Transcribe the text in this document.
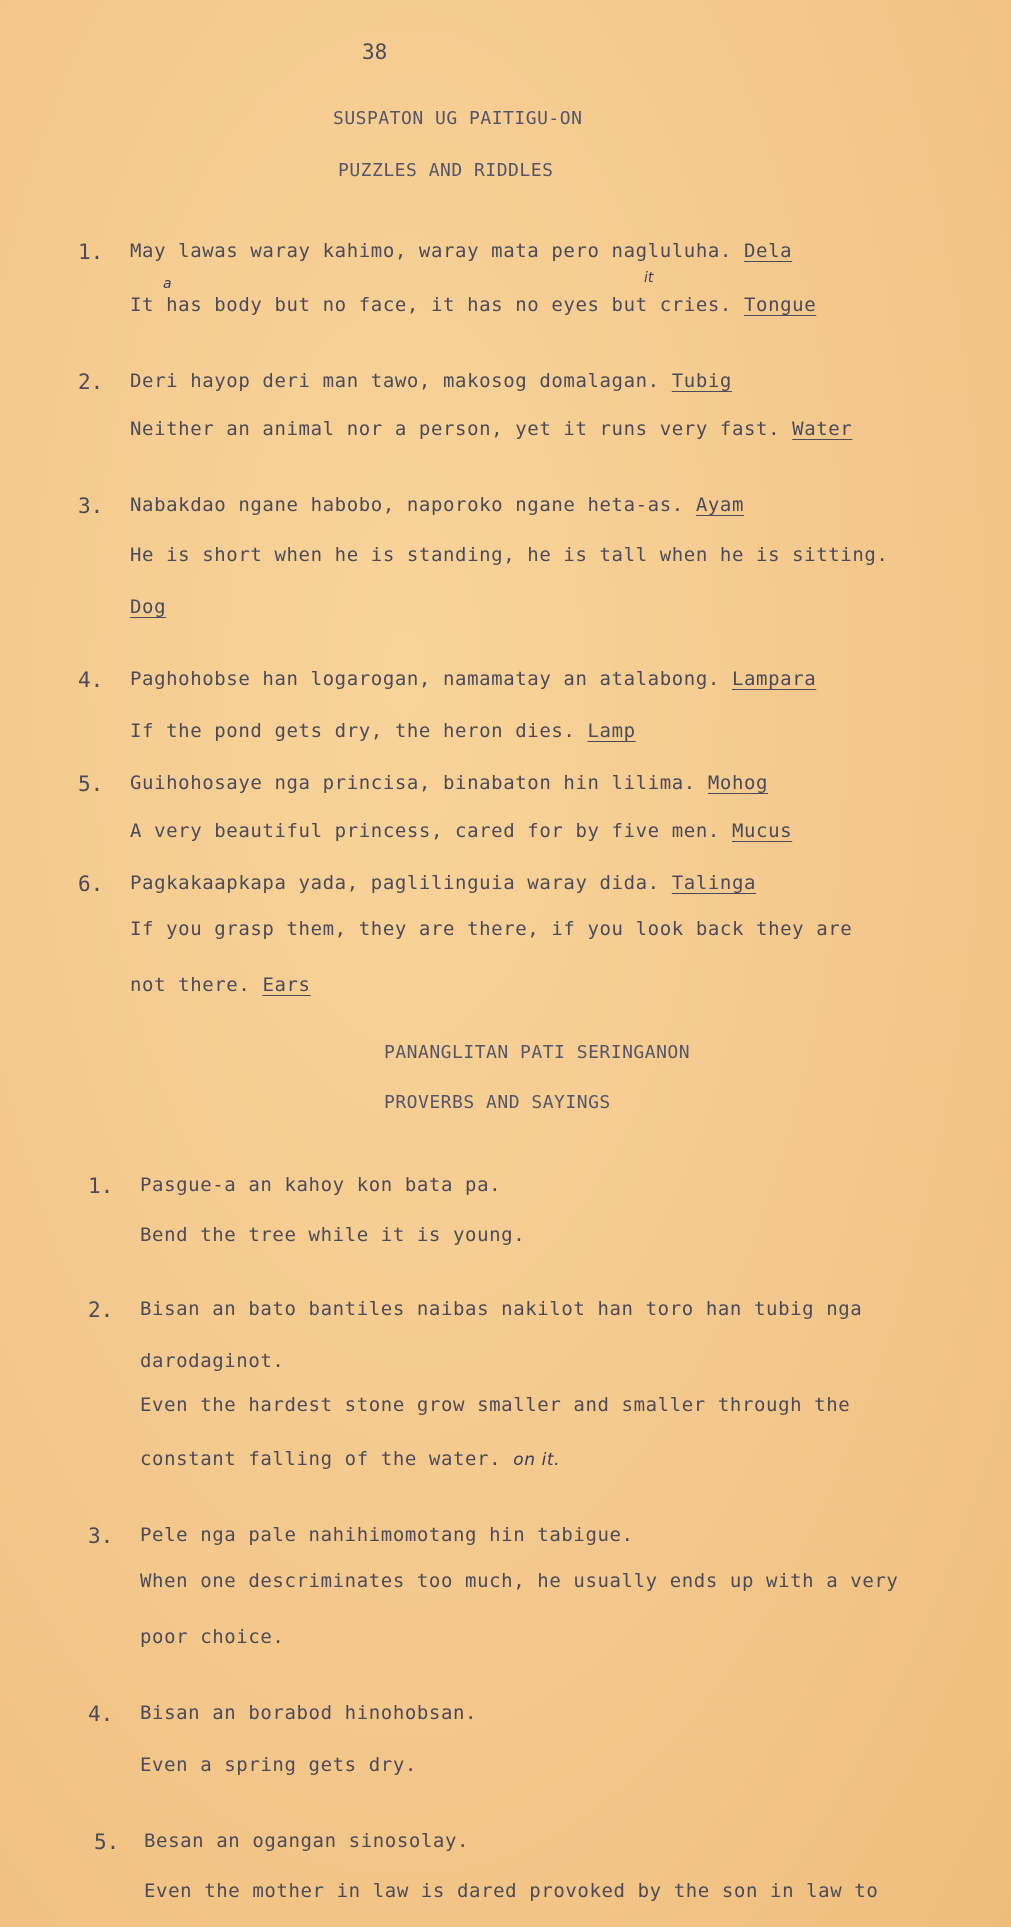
38
SUSPATON UG PAITIGU-ON
PUZZLES AND RIDDLES
1. May lawas waray kahimo, waray mata pero nagluluha. Dela
a	it
It has body but no face, it has no eyes but cries. Tongue
2. Deri hayop deri man tawo, makosog domalagan. Tubig
Neither an animal nor a person, yet it runs very fast. Water
3. Nabakdao ngane habobo, naporoko ngane heta-as. Ayam
He is short when he is standing, he is tall when he is sitting.
Dog
4. Paghohobse han logarogan, namamatay an atalabong. Lampara
If the pond gets dry, the heron dies. Lamp
5. Guihohosaye nga princisa, binabaton hin lilima. Mohog
A very beautiful princess, cared for by five men. Mucus
6. Pagkakaapkapa yada, paglilinguia waray dida. Talinga
If you grasp them, they are there, if you look back they are
not there. Ears
PANANGLITAN PATI SERINGANON
PROVERBS AND SAYINGS
1. Pasgue-a an kahoy kon bata pa.
Bend the tree while it is young.
2. Bisan an bato bantiles naibas nakilot han toro han tubig nga
darodaginot.
Even the hardest stone grow smaller and smaller through the
constant falling of the water. on it.
3. Pele nga pale nahihimomotang hin tabigue.
When one descriminates too much, he usually ends up with a very
poor choice.
4. Bisan an borabod hinohobsan.
Even a spring gets dry.
5. Besan an ogangan sinosolay.
Even the mother in law is dared provoked by the son in law to
